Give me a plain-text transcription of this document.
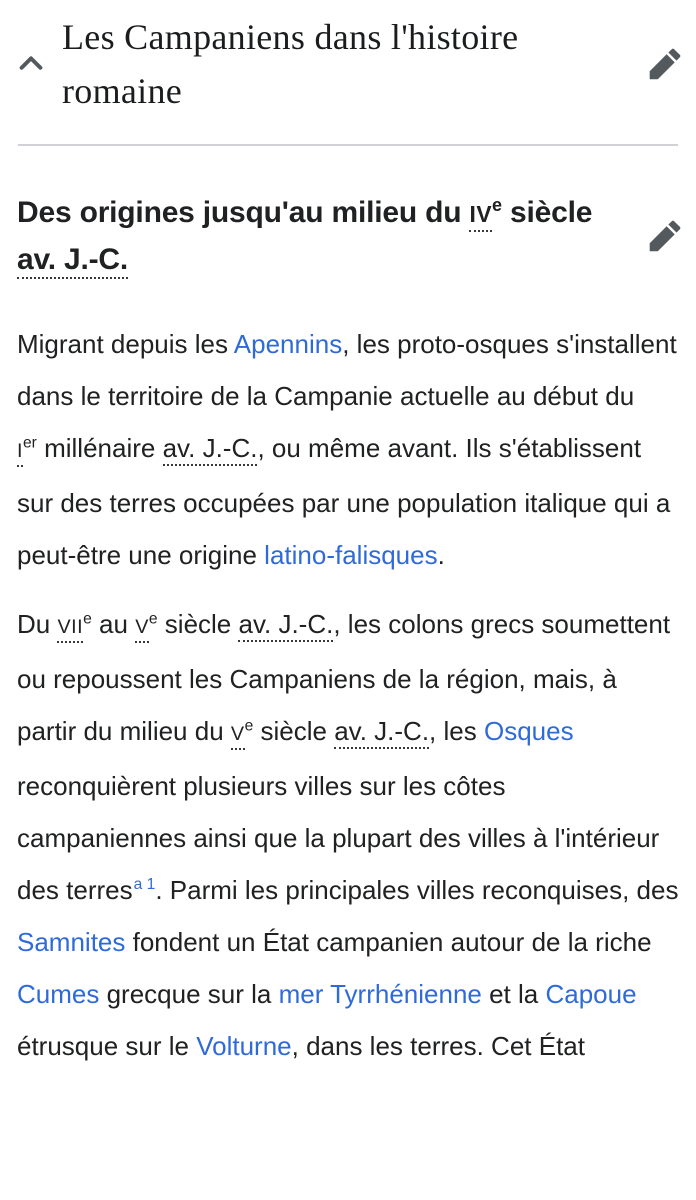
Les Campaniens dans l'histoire romaine
Des origines jusqu'au milieu du IVe siècle av. J.-C.

Migrant depuis les Apennins, les proto-osques s'installent dans le territoire de la Campanie actuelle au début du Ier millénaire av. J.-C., ou même avant. Ils s'établissent sur des terres occupées par une population italique qui a peut-être une origine latino-falisques.

Du VIIe au Ve siècle av. J.-C., les colons grecs soumettent ou repoussent les Campaniens de la région, mais, à partir du milieu du Ve siècle av. J.-C., les Osques reconquièrent plusieurs villes sur les côtes campaniennes ainsi que la plupart des villes à l'intérieur des terres$^{a 1}$. Parmi les principales villes reconquises, des Samnites fondent un État campanien autour de la riche Cumes grecque sur la mer Tyrrhénienne et la Capoue étrusque sur le Volturne, dans les terres. Cet État
